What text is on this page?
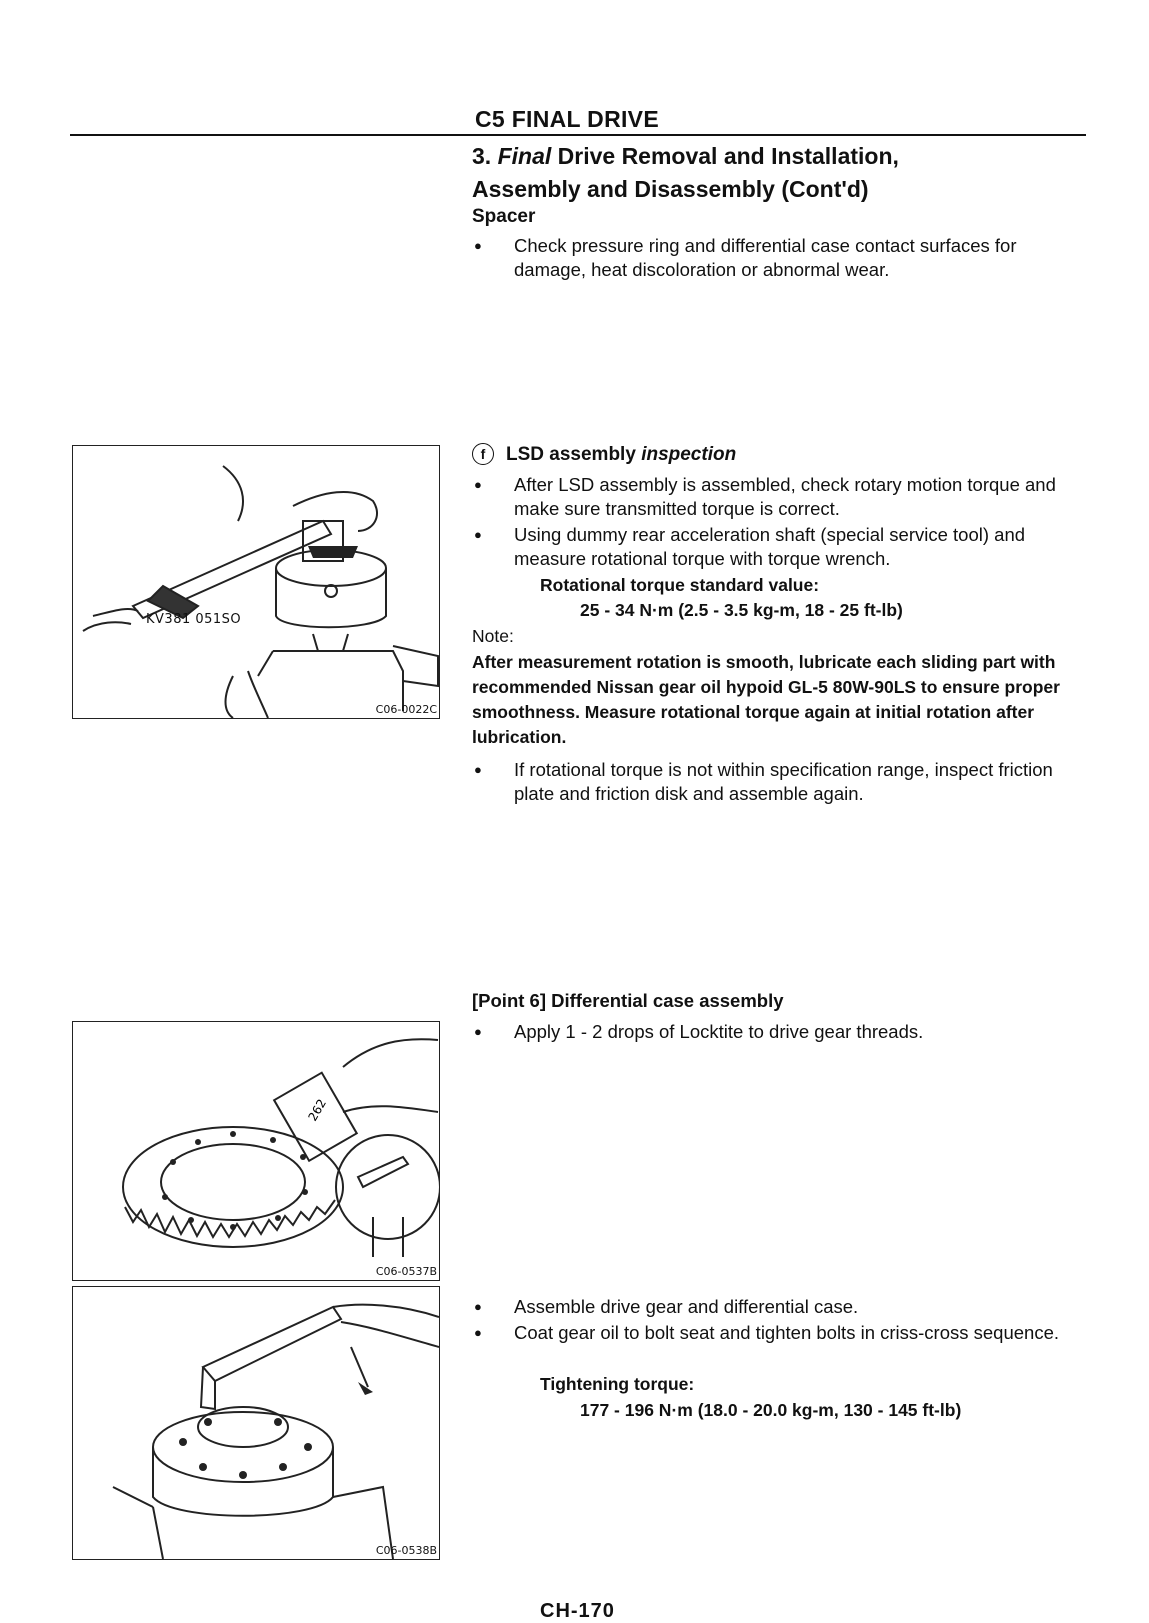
C5 FINAL DRIVE
3. Final Drive Removal and Installation,
Assembly and Disassembly (Cont'd)
Spacer
● Check pressure ring and differential case contact surfaces for damage, heat discoloration or abnormal wear.
KV381 051SO
C06-0022C
f LSD assembly inspection
● After LSD assembly is assembled, check rotary motion torque and make sure transmitted torque is correct.
● Using dummy rear acceleration shaft (special service tool) and measure rotational torque with torque wrench.
Rotational torque standard value:
25 - 34 N·m (2.5 - 3.5 kg-m, 18 - 25 ft-lb)
Note:
After measurement rotation is smooth, lubricate each sliding part with recommended Nissan gear oil hypoid GL-5 80W-90LS to ensure proper smoothness. Measure rotational torque again at initial rotation after lubrication.
● If rotational torque is not within specification range, inspect friction plate and friction disk and assemble again.
262
C06-0537B
[Point 6] Differential case assembly
● Apply 1 - 2 drops of Locktite to drive gear threads.
C06-0538B
● Assemble drive gear and differential case.
● Coat gear oil to bolt seat and tighten bolts in criss-cross sequence.
Tightening torque:
177 - 196 N·m (18.0 - 20.0 kg-m, 130 - 145 ft-lb)
CH-170
